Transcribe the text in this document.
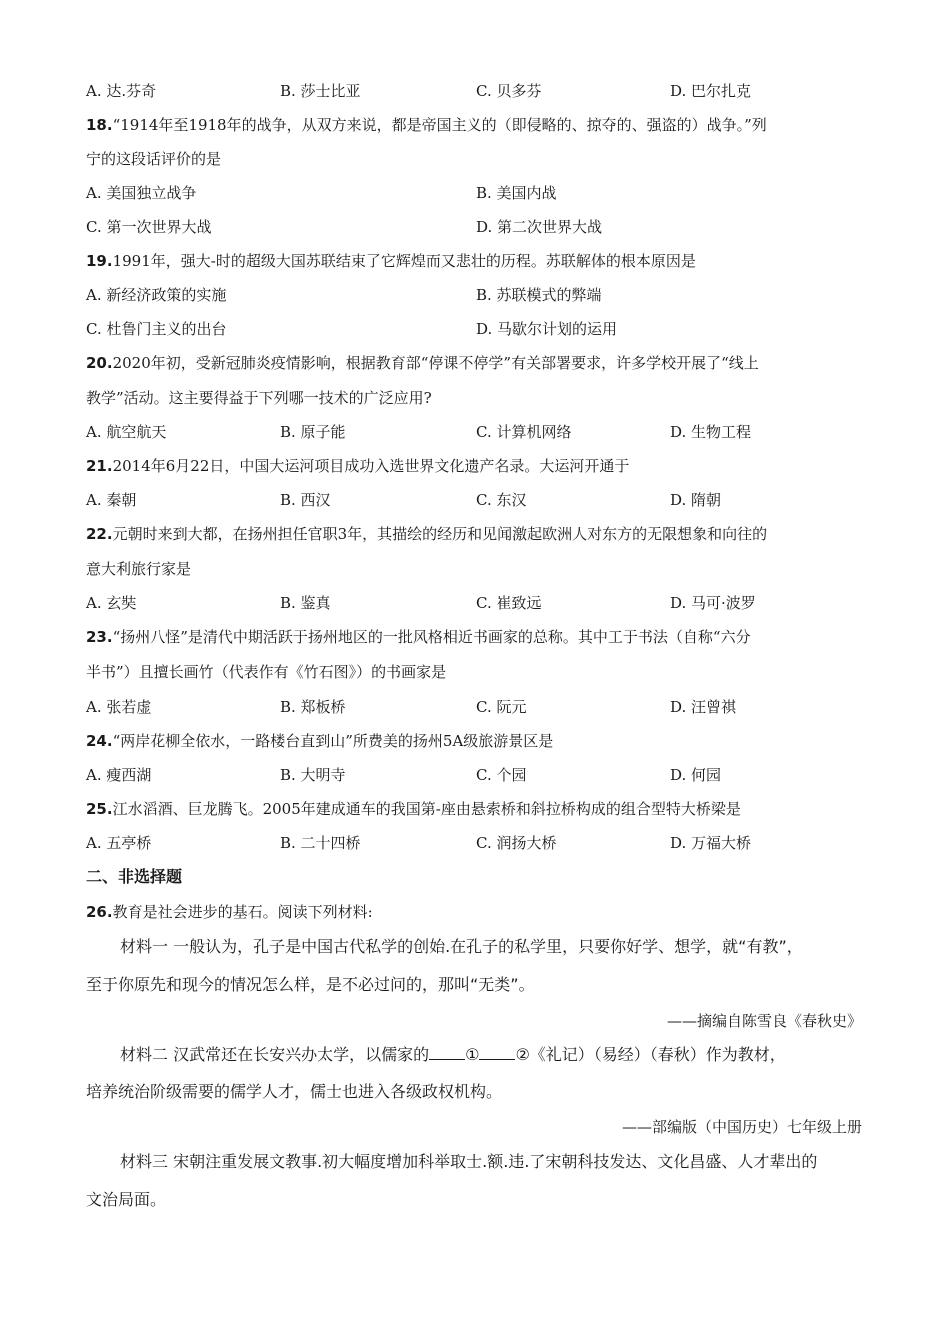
A. 达.芬奇	B. 莎士比亚	C. 贝多芬	D. 巴尔扎克
18.“1914年至1918年的战争，从双方来说，都是帝国主义的（即侵略的、掠夺的、强盗的）战争。”列
宁的这段话评价的是
A. 美国独立战争	B. 美国内战
C. 第一次世界大战	D. 第二次世界大战
19.1991年，强大-时的超级大国苏联结束了它辉煌而又悲壮的历程。苏联解体的根本原因是
A. 新经济政策的实施	B. 苏联模式的弊端
C. 杜鲁门主义的出台	D. 马歇尔计划的运用
20.2020年初，受新冠肺炎疫情影响，根据教育部“停课不停学”有关部署要求，许多学校开展了“线上
教学”活动。这主要得益于下列哪一技术的广泛应用?
A. 航空航天	B. 原子能	C. 计算机网络	D. 生物工程
21.2014年6月22日，中国大运河项目成功入选世界文化遗产名录。大运河开通于
A. 秦朝	B. 西汉	C. 东汉	D. 隋朝
22.元朝时来到大都，在扬州担任官职3年，其描绘的经历和见闻激起欧洲人对东方的无限想象和向往的
意大利旅行家是
A. 玄奘	B. 鉴真	C. 崔致远	D. 马可·波罗
23.“扬州八怪”是清代中期活跃于扬州地区的一批风格相近书画家的总称。其中工于书法（自称“六分
半书”）且擅长画竹（代表作有《竹石图》）的书画家是
A. 张若虚	B. 郑板桥	C. 阮元	D. 汪曾祺
24.“两岸花柳全依水，一路楼台直到山”所费美的扬州5A级旅游景区是
A. 瘦西湖	B. 大明寺	C. 个园	D. 何园
25.江水滔酒、巨龙腾飞。2005年建成通车的我国第-座由悬索桥和斜拉桥构成的组合型特大桥梁是
A. 五亭桥	B. 二十四桥	C. 润扬大桥	D. 万福大桥
二、非选择题
26.教育是社会进步的基石。阅读下列材料:
材料一 一般认为，孔子是中国古代私学的创始.在孔子的私学里，只要你好学、想学，就“有教”，
至于你原先和现今的情况怎么样，是不必过问的，那叫“无类”。
——摘编自陈雪良《春秋史》
材料二 汉武常还在长安兴办太学，以儒家的 ① ②《礼记）（易经）（春秋）作为教材，
培养统治阶级需要的儒学人才，儒士也进入各级政权机构。
——部编版（中国历史）七年级上册
材料三 宋朝注重发展文教事.初大幅度增加科举取士.额.违.了宋朝科技发达、文化昌盛、人才辈出的
文治局面。
